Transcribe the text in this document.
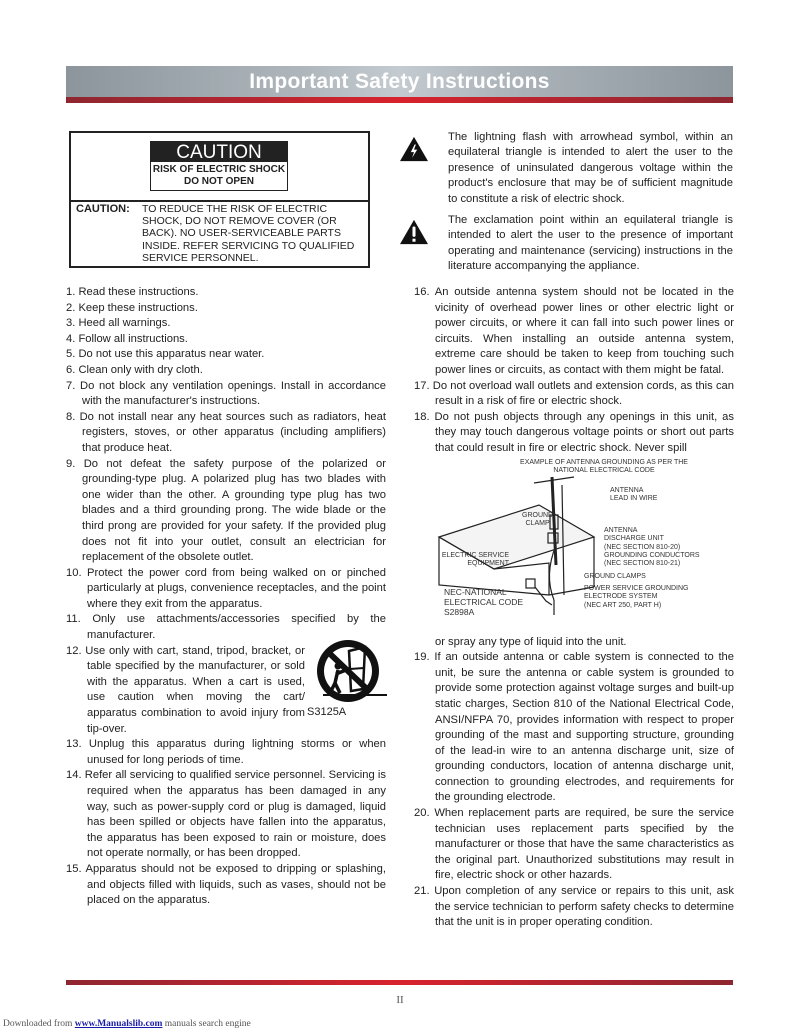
Important Safety Instructions
CAUTION
RISK OF ELECTRIC SHOCK
DO NOT OPEN
CAUTION: TO REDUCE THE RISK OF ELECTRIC
SHOCK, DO NOT REMOVE COVER (OR
BACK). NO USER-SERVICEABLE PARTS
INSIDE. REFER SERVICING TO QUALIFIED
SERVICE PERSONNEL.
The lightning flash with arrowhead symbol, within an equilateral triangle is intended to alert the user to the presence of uninsulated dangerous voltage within the product's enclosure that may be of sufficient magnitude to constitute a risk of electric shock.
The exclamation point within an equilateral triangle is intended to alert the user to the presence of important operating and maintenance (servicing) instructions in the literature accompanying the appliance.
1. Read these instructions.
2. Keep these instructions.
3. Heed all warnings.
4. Follow all instructions.
5. Do not use this apparatus near water.
6. Clean only with dry cloth.
7. Do not block any ventilation openings. Install in accordance with the manufacturer's instructions.
8. Do not install near any heat sources such as radiators, heat registers, stoves, or other apparatus (including amplifiers) that produce heat.
9. Do not defeat the safety purpose of the polarized or grounding-type plug. A polarized plug has two blades with one wider than the other. A grounding type plug has two blades and a third grounding prong. The wide blade or the third prong are provided for your safety. If the provided plug does not fit into your outlet, consult an electrician for replacement of the obsolete outlet.
10. Protect the power cord from being walked on or pinched particularly at plugs, convenience receptacles, and the point where they exit from the apparatus.
11. Only use attachments/accessories specified by the manufacturer.
12. Use only with cart, stand, tripod, bracket, or table specified by the manufacturer, or sold with the apparatus. When a cart is used, use caution when moving the cart/ apparatus combination to avoid injury from tip-over.
13. Unplug this apparatus during lightning storms or when unused for long periods of time.
14. Refer all servicing to qualified service personnel. Servicing is required when the apparatus has been damaged in any way, such as power-supply cord or plug is damaged, liquid has been spilled or objects have fallen into the apparatus, the apparatus has been exposed to rain or moisture, does not operate normally, or has been dropped.
15. Apparatus should not be exposed to dripping or splashing, and objects filled with liquids, such as vases, should not be placed on the apparatus.
S3125A
16. An outside antenna system should not be located in the vicinity of overhead power lines or other electric light or power circuits, or where it can fall into such power lines or circuits. When installing an outside antenna system, extreme care should be taken to keep from touching such power lines or circuits, as contact with them might be fatal.
17. Do not overload wall outlets and extension cords, as this can result in a risk of fire or electric shock.
18. Do not push objects through any openings in this unit, as they may touch dangerous voltage points or short out parts that could result in fire or electric shock. Never spill
EXAMPLE OF ANTENNA GROUNDING AS PER THE
NATIONAL ELECTRICAL CODE
ANTENNA
LEAD IN WIRE
GROUND
CLAMP
ANTENNA
DISCHARGE UNIT
(NEC SECTION 810-20)
GROUNDING CONDUCTORS
(NEC SECTION 810-21)
ELECTRIC SERVICE
EQUIPMENT
GROUND CLAMPS
POWER SERVICE GROUNDING
ELECTRODE SYSTEM
(NEC ART 250, PART H)
NEC-NATIONAL
ELECTRICAL CODE
S2898A
or spray any type of liquid into the unit.
19. If an outside antenna or cable system is connected to the unit, be sure the antenna or cable system is grounded to provide some protection against voltage surges and built-up static charges, Section 810 of the National Electrical Code, ANSI/NFPA 70, provides information with respect to proper grounding of the mast and supporting structure, grounding of the lead-in wire to an antenna discharge unit, size of grounding conductors, location of antenna discharge unit, connection to grounding electrodes, and requirements for the grounding electrode.
20. When replacement parts are required, be sure the service technician uses replacement parts specified by the manufacturer or those that have the same characteristics as the original part. Unauthorized substitutions may result in fire, electric shock or other hazards.
21. Upon completion of any service or repairs to this unit, ask the service technician to perform safety checks to determine that the unit is in proper operating condition.
II
Downloaded from www.Manualslib.com manuals search engine
